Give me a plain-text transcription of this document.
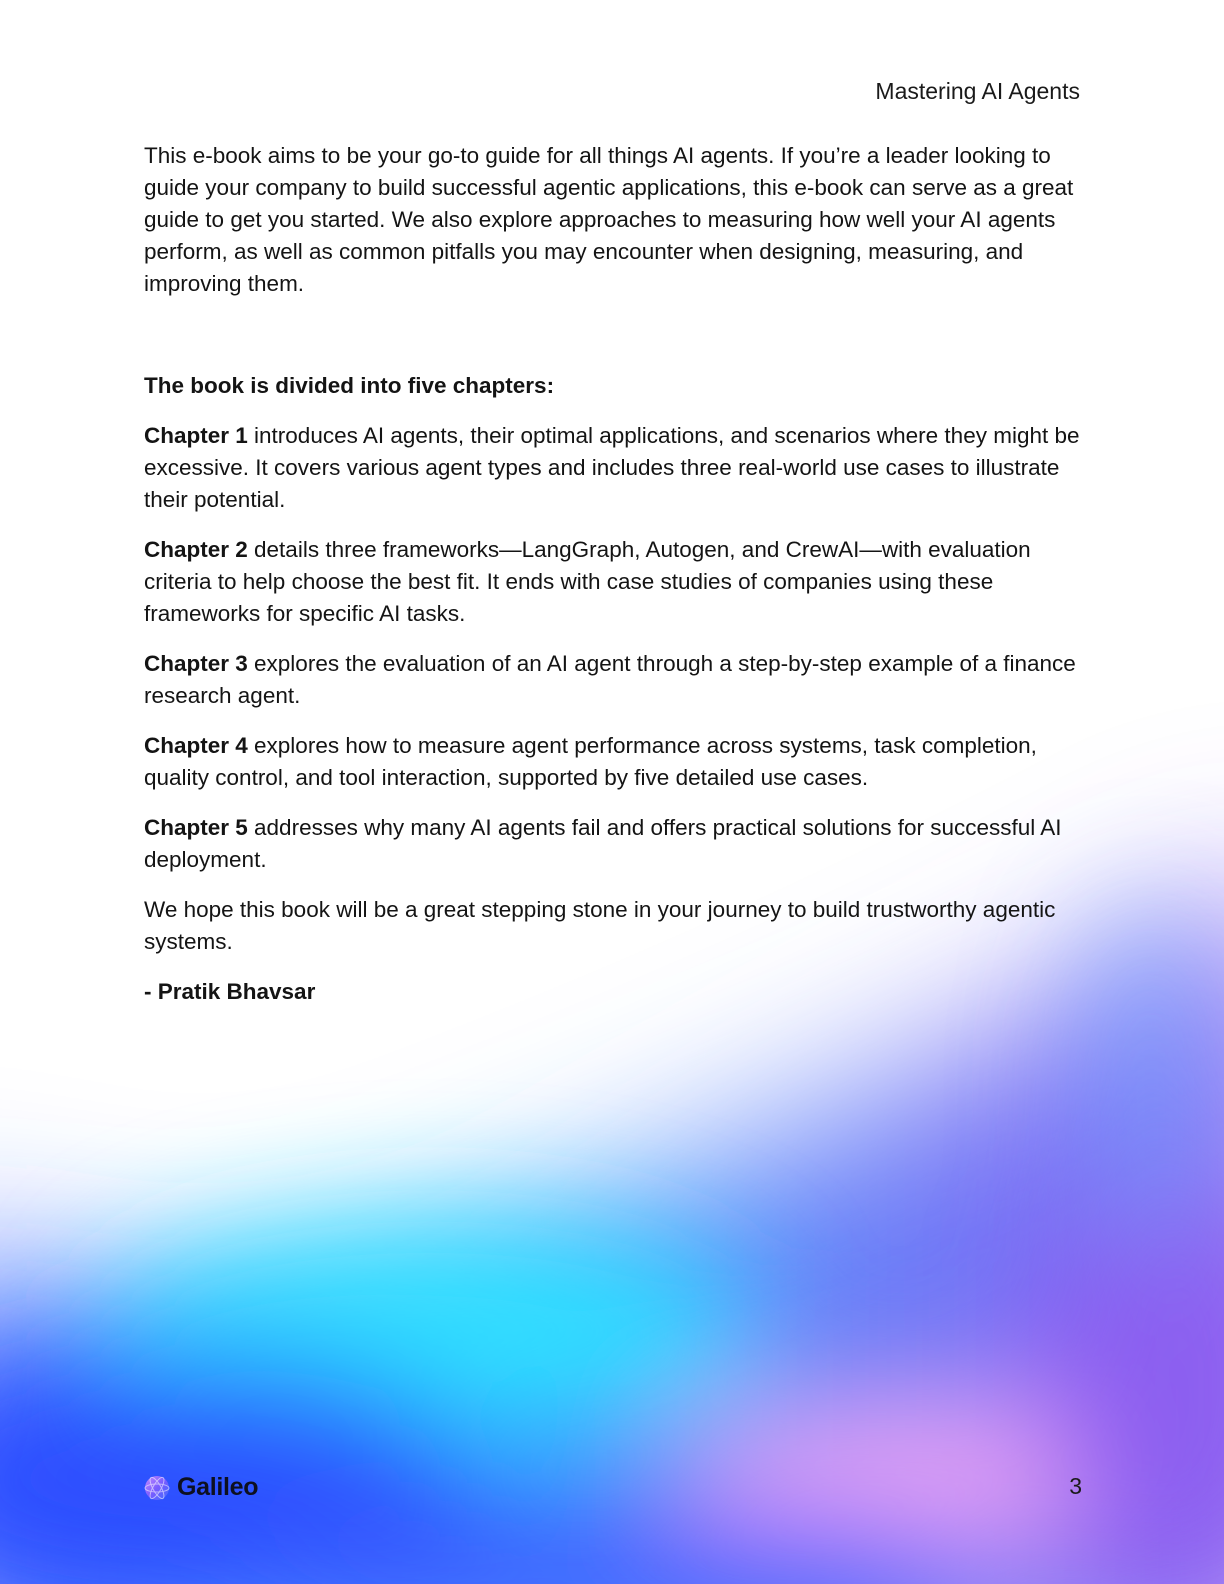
Mastering AI Agents

This e-book aims to be your go-to guide for all things AI agents. If you’re a leader looking to guide your company to build successful agentic applications, this e-book can serve as a great guide to get you started. We also explore approaches to measuring how well your AI agents perform, as well as common pitfalls you may encounter when designing, measuring, and improving them.

The book is divided into five chapters:

Chapter 1 introduces AI agents, their optimal applications, and scenarios where they might be excessive. It covers various agent types and includes three real-world use cases to illustrate their potential.

Chapter 2 details three frameworks—LangGraph, Autogen, and CrewAI—with evaluation criteria to help choose the best fit. It ends with case studies of companies using these frameworks for specific AI tasks.

Chapter 3 explores the evaluation of an AI agent through a step-by-step example of a finance research agent.

Chapter 4 explores how to measure agent performance across systems, task completion, quality control, and tool interaction, supported by five detailed use cases.

Chapter 5 addresses why many AI agents fail and offers practical solutions for successful AI deployment.

We hope this book will be a great stepping stone in your journey to build trustworthy agentic systems.

- Pratik Bhavsar

Galileo	3
